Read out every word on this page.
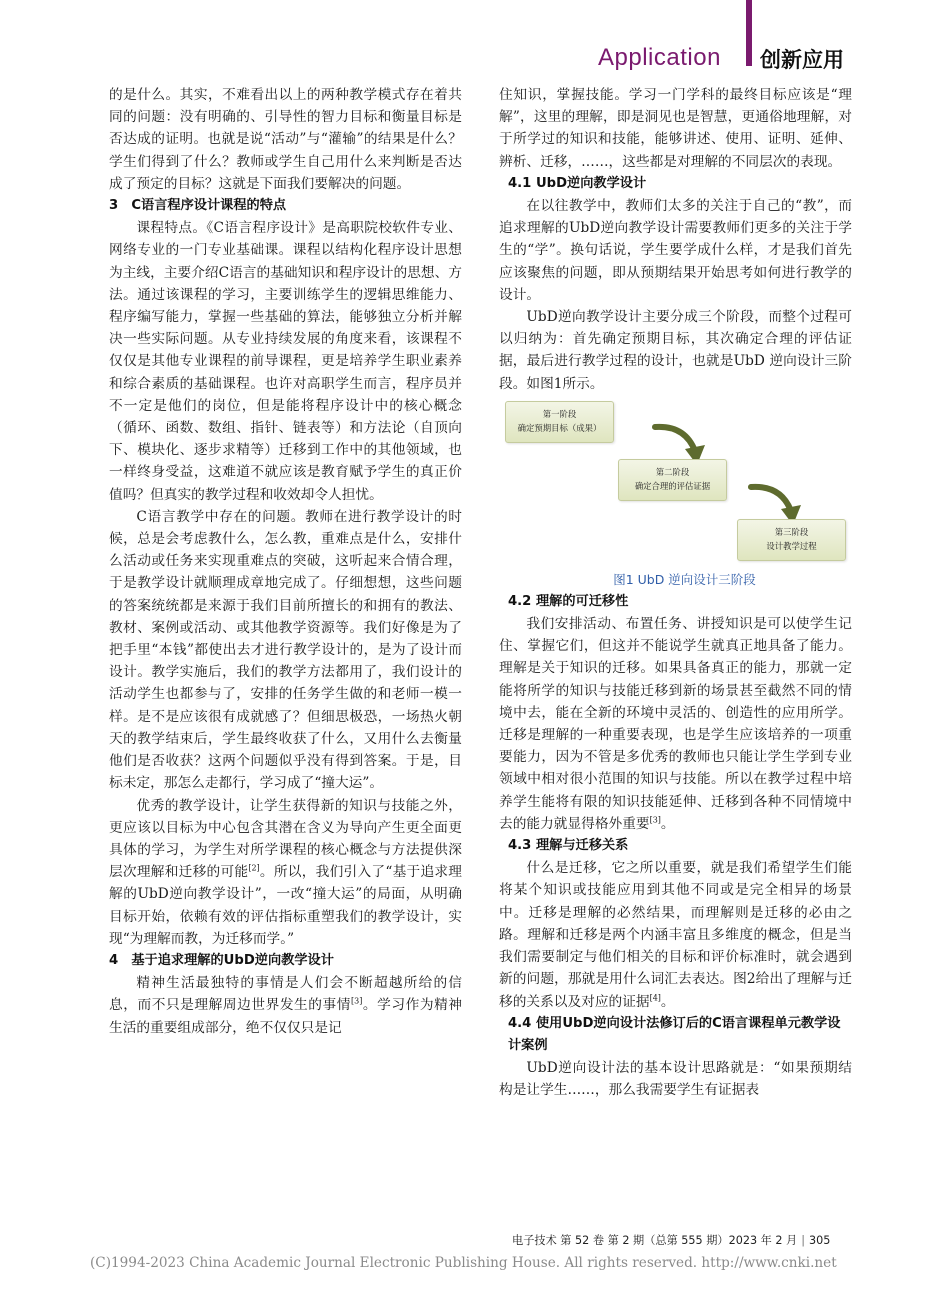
Application 创新应用

的是什么。其实，不难看出以上的两种教学模式存在着共同的问题：没有明确的、引导性的智力目标和衡量目标是否达成的证明。也就是说“活动”与“灌输”的结果是什么？学生们得到了什么？教师或学生自己用什么来判断是否达成了预定的目标？这就是下面我们要解决的问题。

3　C语言程序设计课程的特点

课程特点。《C语言程序设计》是高职院校软件专业、网络专业的一门专业基础课。课程以结构化程序设计思想为主线，主要介绍C语言的基础知识和程序设计的思想、方法。通过该课程的学习，主要训练学生的逻辑思维能力、程序编写能力，掌握一些基础的算法，能够独立分析并解决一些实际问题。从专业持续发展的角度来看，该课程不仅仅是其他专业课程的前导课程，更是培养学生职业素养和综合素质的基础课程。也许对高职学生而言，程序员并不一定是他们的岗位，但是能将程序设计中的核心概念（循环、函数、数组、指针、链表等）和方法论（自顶向下、模块化、逐步求精等）迁移到工作中的其他领域，也一样终身受益，这难道不就应该是教育赋予学生的真正价值吗？但真实的教学过程和收效却令人担忧。

C语言教学中存在的问题。教师在进行教学设计的时候，总是会考虑教什么，怎么教，重难点是什么，安排什么活动或任务来实现重难点的突破，这听起来合情合理，于是教学设计就顺理成章地完成了。仔细想想，这些问题的答案统统都是来源于我们目前所擅长的和拥有的教法、教材、案例或活动、或其他教学资源等。我们好像是为了把手里“本钱”都使出去才进行教学设计的，是为了设计而设计。教学实施后，我们的教学方法都用了，我们设计的活动学生也都参与了，安排的任务学生做的和老师一模一样。是不是应该很有成就感了？但细思极恐，一场热火朝天的教学结束后，学生最终收获了什么，又用什么去衡量他们是否收获？这两个问题似乎没有得到答案。于是，目标未定，那怎么走都行，学习成了“撞大运”。

优秀的教学设计，让学生获得新的知识与技能之外，更应该以目标为中心包含其潜在含义为导向产生更全面更具体的学习，为学生对所学课程的核心概念与方法提供深层次理解和迁移的可能[2]。所以，我们引入了“基于追求理解的UbD逆向教学设计”，一改“撞大运”的局面，从明确目标开始，依赖有效的评估指标重塑我们的教学设计，实现“为理解而教，为迁移而学。”

4　基于追求理解的UbD逆向教学设计

精神生活最独特的事情是人们会不断超越所给的信息，而不只是理解周边世界发生的事情[3]。学习作为精神生活的重要组成部分，绝不仅仅只是记

住知识，掌握技能。学习一门学科的最终目标应该是“理解”，这里的理解，即是洞见也是智慧，更通俗地理解，对于所学过的知识和技能，能够讲述、使用、证明、延伸、辨析、迁移，……，这些都是对理解的不同层次的表现。

4.1 UbD逆向教学设计

在以往教学中，教师们太多的关注于自己的“教”，而追求理解的UbD逆向教学设计需要教师们更多的关注于学生的“学”。换句话说，学生要学成什么样，才是我们首先应该聚焦的问题，即从预期结果开始思考如何进行教学的设计。

UbD逆向教学设计主要分成三个阶段，而整个过程可以归纳为：首先确定预期目标，其次确定合理的评估证据，最后进行教学过程的设计，也就是UbD 逆向设计三阶段。如图1所示。

第一阶段
确定预期目标（成果）
第二阶段
确定合理的评估证据
第三阶段
设计教学过程
图1 UbD 逆向设计三阶段
4.2 理解的可迁移性

我们安排活动、布置任务、讲授知识是可以使学生记住、掌握它们，但这并不能说学生就真正地具备了能力。理解是关于知识的迁移。如果具备真正的能力，那就一定能将所学的知识与技能迁移到新的场景甚至截然不同的情境中去，能在全新的环境中灵活的、创造性的应用所学。迁移是理解的一种重要表现，也是学生应该培养的一项重要能力，因为不管是多优秀的教师也只能让学生学到专业领域中相对很小范围的知识与技能。所以在教学过程中培养学生能将有限的知识技能延伸、迁移到各种不同情境中去的能力就显得格外重要[3]。

4.3 理解与迁移关系

什么是迁移，它之所以重要，就是我们希望学生们能将某个知识或技能应用到其他不同或是完全相异的场景中。迁移是理解的必然结果，而理解则是迁移的必由之路。理解和迁移是两个内涵丰富且多维度的概念，但是当我们需要制定与他们相关的目标和评价标准时，就会遇到新的问题，那就是用什么词汇去表达。图2给出了理解与迁移的关系以及对应的证据[4]。

4.4 使用UbD逆向设计法修订后的C语言课程单元教学设计案例

UbD逆向设计法的基本设计思路就是：“如果预期结构是让学生……，那么我需要学生有证据表

电子技术 第 52 卷 第 2 期（总第 555 期）2023 年 2 月 | 305
(C)1994-2023 China Academic Journal Electronic Publishing House. All rights reserved. http://www.cnki.net
